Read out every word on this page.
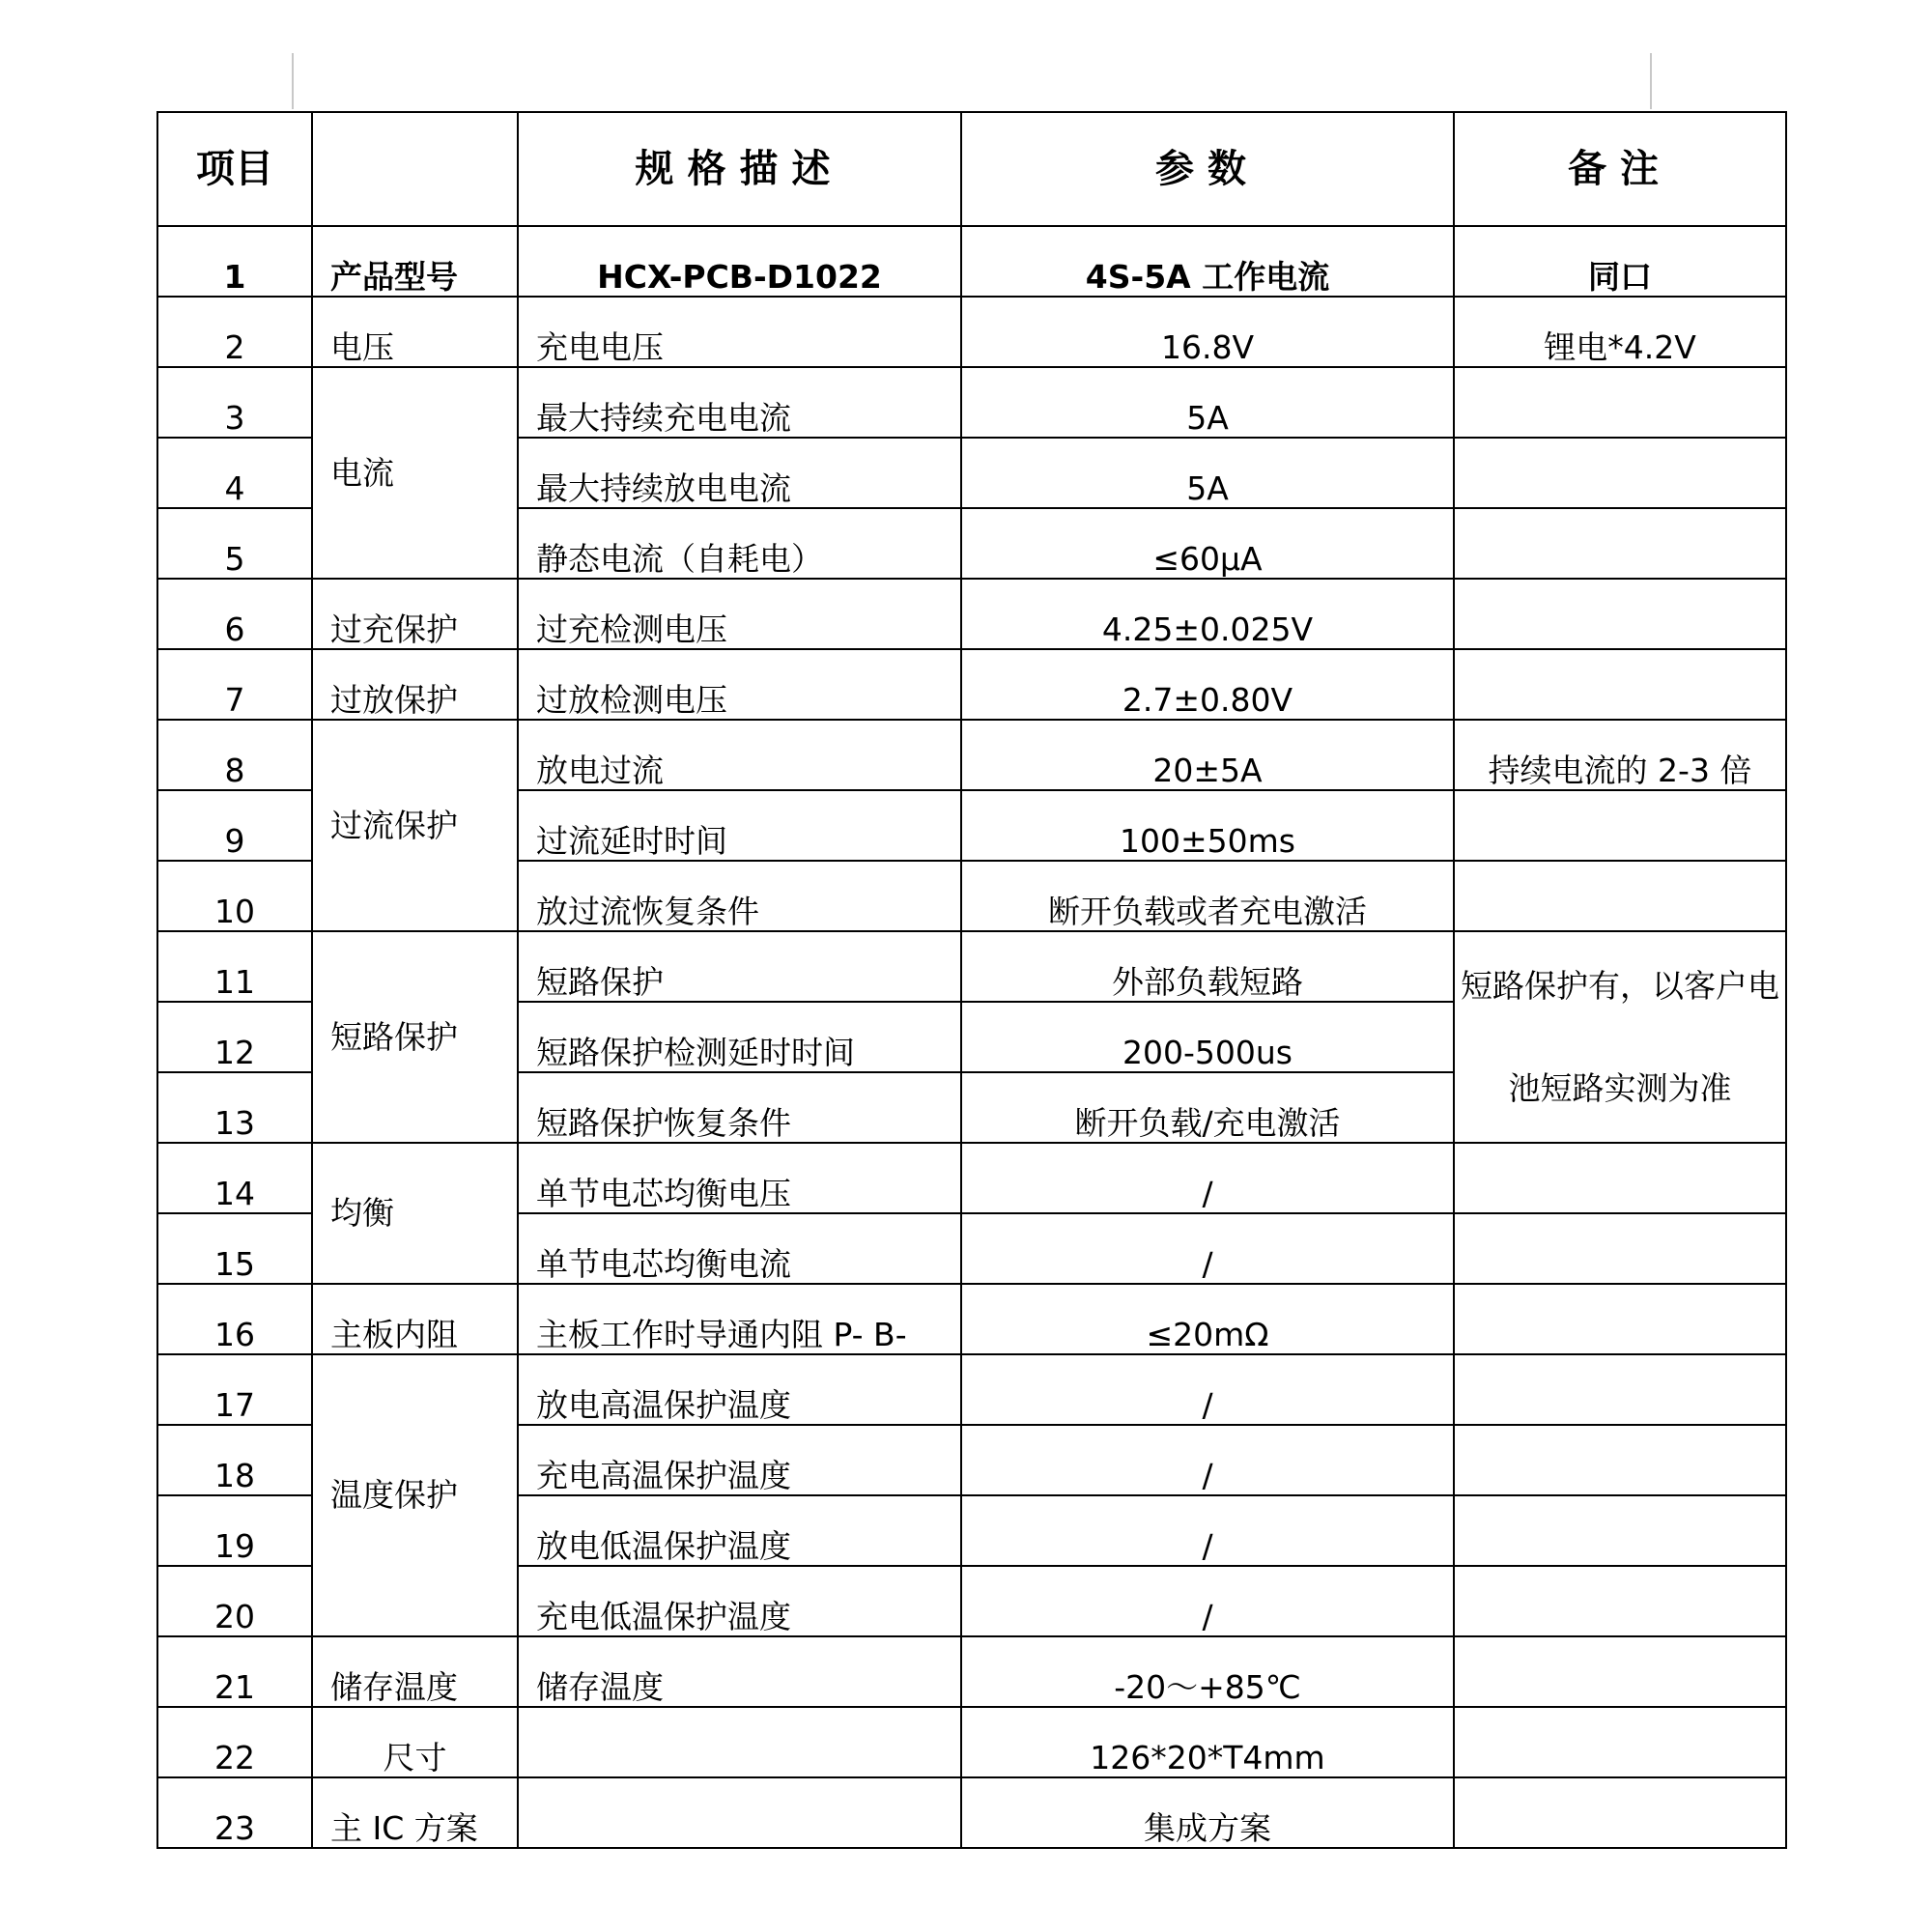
项目		规格描述	参数	备注
1	产品型号	HCX-PCB-D1022	4S-5A 工作电流	同口
2	电压	充电电压	16.8V	锂电*4.2V
3	电流	最大持续充电电流	5A	
4		最大持续放电电流	5A	
5		静态电流（自耗电）	≤60μA	
6	过充保护	过充检测电压	4.25±0.025V	
7	过放保护	过放检测电压	2.7±0.80V	
8	过流保护	放电过流	20±5A	持续电流的 2-3 倍
9		过流延时时间	100±50ms	
10		放过流恢复条件	断开负载或者充电激活	
11	短路保护	短路保护	外部负载短路	短路保护有，以客户电池短路实测为准
12		短路保护检测延时时间	200-500us	
13		短路保护恢复条件	断开负载/充电激活	
14	均衡	单节电芯均衡电压	/	
15		单节电芯均衡电流	/	
16	主板内阻	主板工作时导通内阻 P- B-	≤20mΩ	
17	温度保护	放电高温保护温度	/	
18		充电高温保护温度	/	
19		放电低温保护温度	/	
20		充电低温保护温度	/	
21	储存温度	储存温度	-20～+85℃	
22	尺寸		126*20*T4mm	
23	主 IC 方案		集成方案	
